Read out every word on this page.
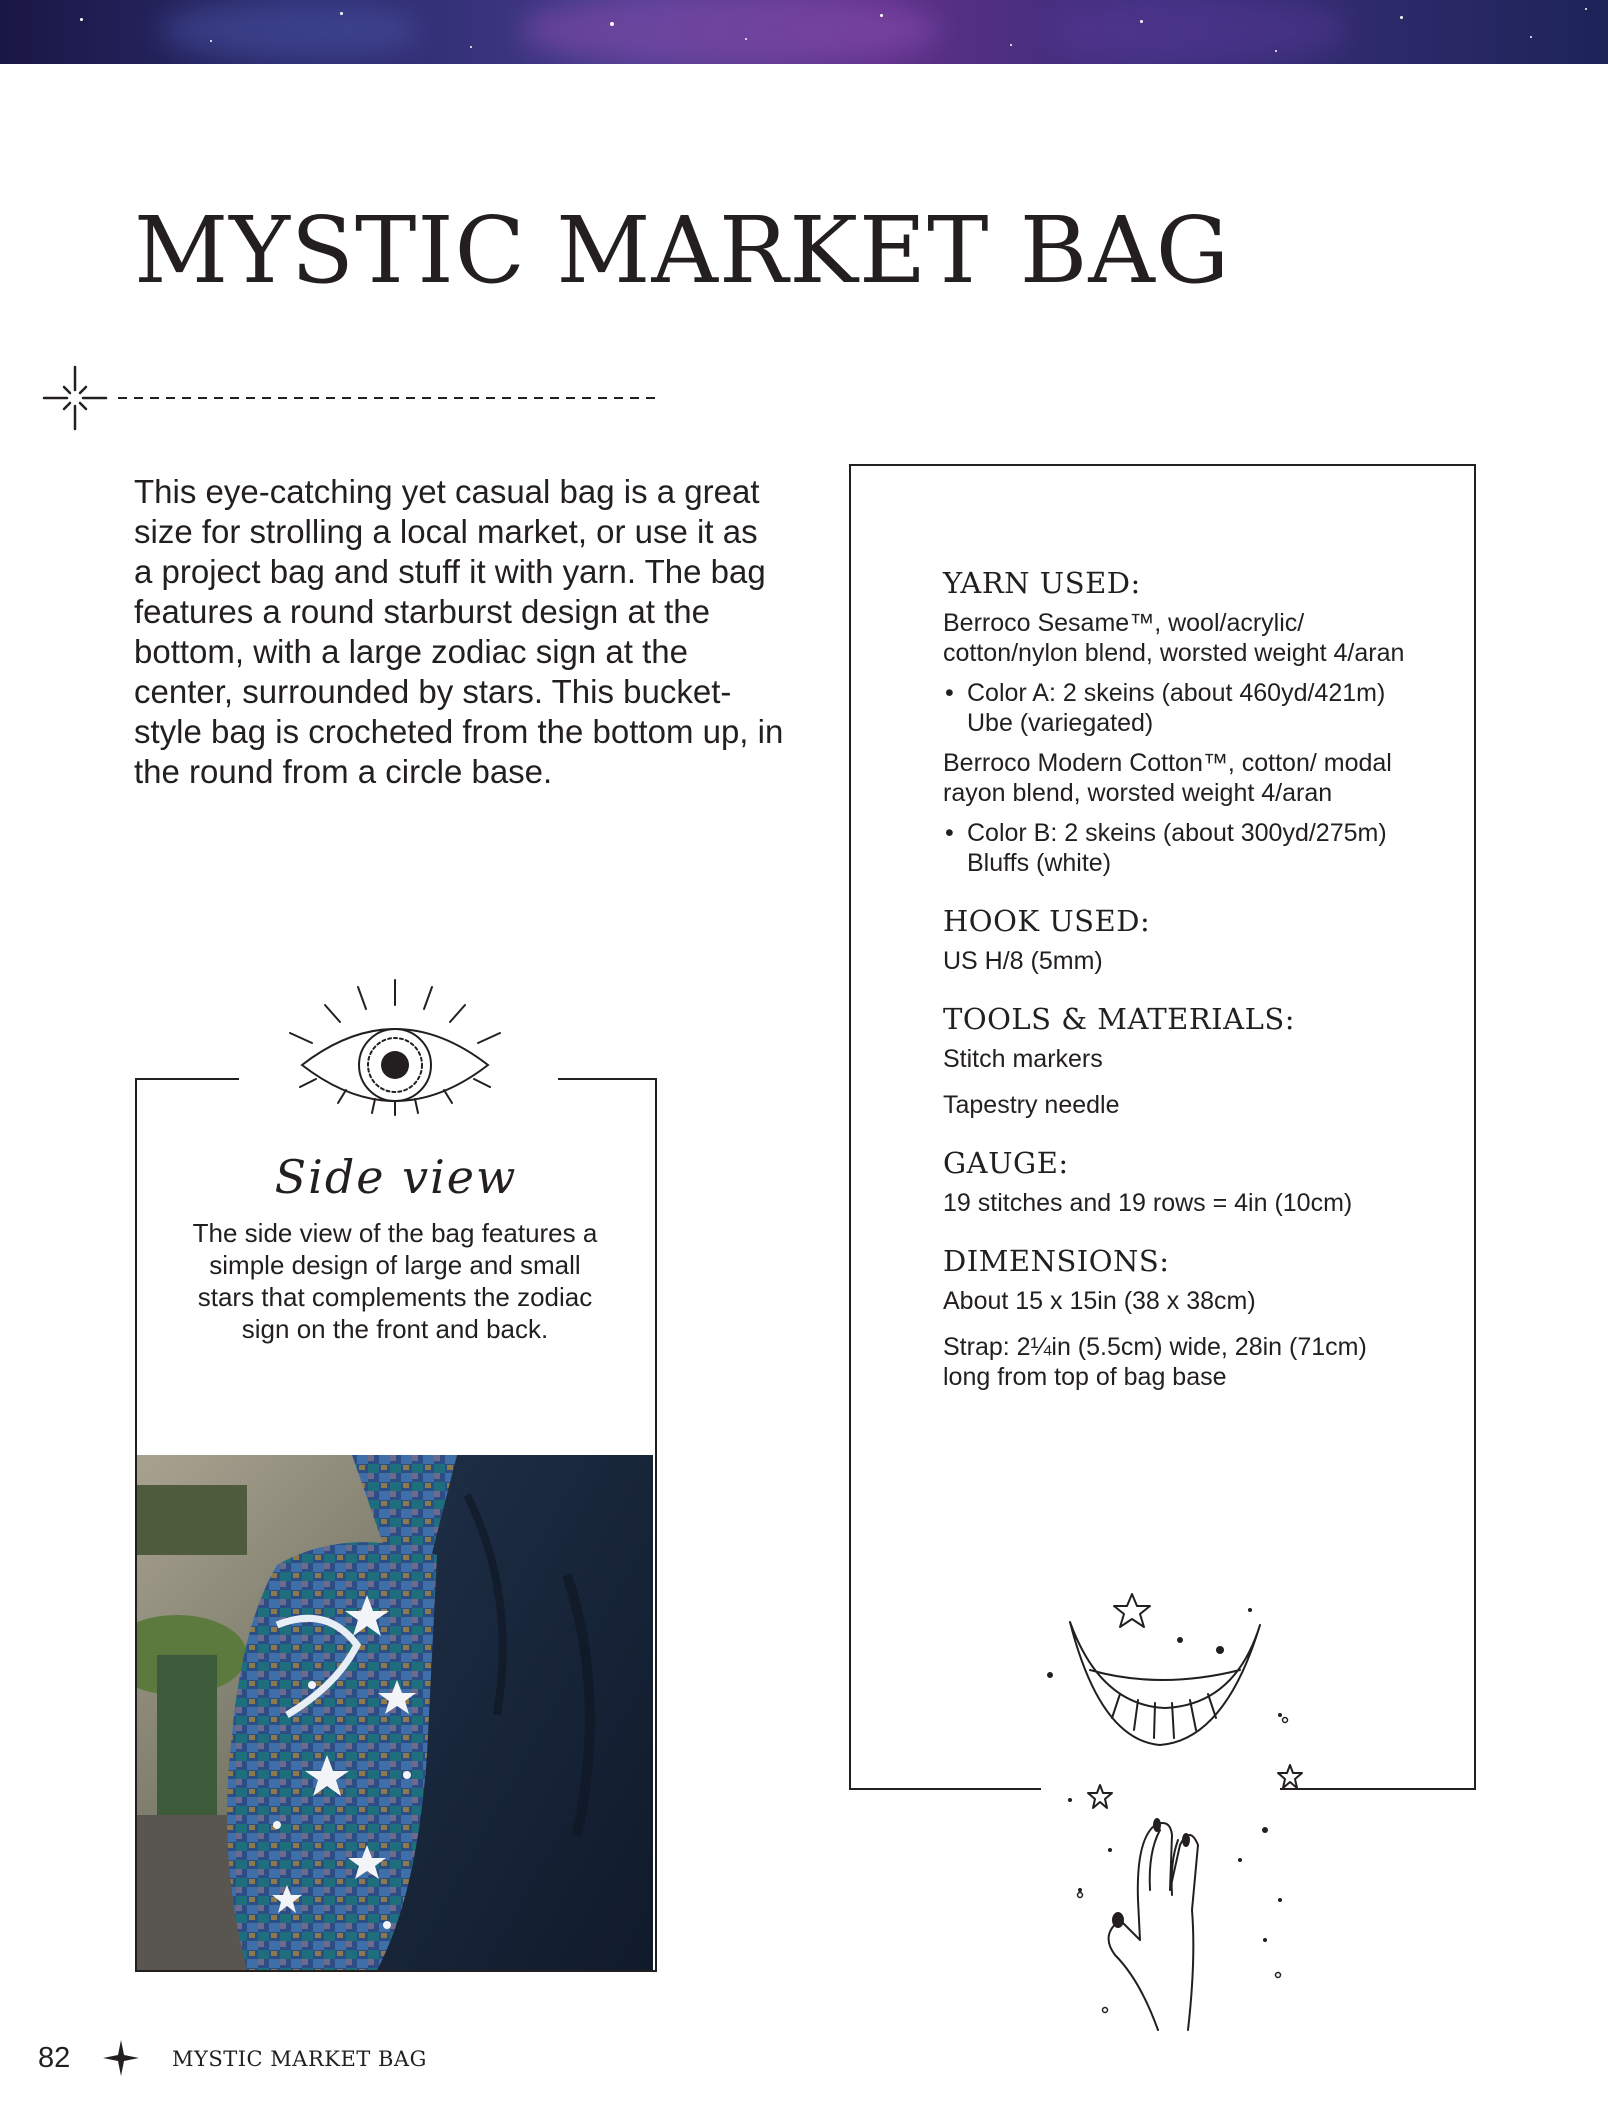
MYSTIC MARKET BAG

This eye-catching yet casual bag is a great size for strolling a local market, or use it as a project bag and stuff it with yarn. The bag features a round starburst design at the bottom, with a large zodiac sign at the center, surrounded by stars. This bucket-style bag is crocheted from the bottom up, in the round from a circle base.

Side view

The side view of the bag features a simple design of large and small stars that complements the zodiac sign on the front and back.

YARN USED:

Berroco Sesame™, wool/acrylic/ cotton/nylon blend, worsted weight 4/aran

• Color A: 2 skeins (about 460yd/421m) Ube (variegated)

Berroco Modern Cotton™, cotton/ modal rayon blend, worsted weight 4/aran

• Color B: 2 skeins (about 300yd/275m) Bluffs (white)
HOOK USED:

US H/8 (5mm)

TOOLS & MATERIALS:

Stitch markers

Tapestry needle

GAUGE:

19 stitches and 19 rows = 4in (10cm)

DIMENSIONS:

About 15 x 15in (38 x 38cm)

Strap: 2¼in (5.5cm) wide, 28in (71cm) long from top of bag base

82	MYSTIC MARKET BAG
